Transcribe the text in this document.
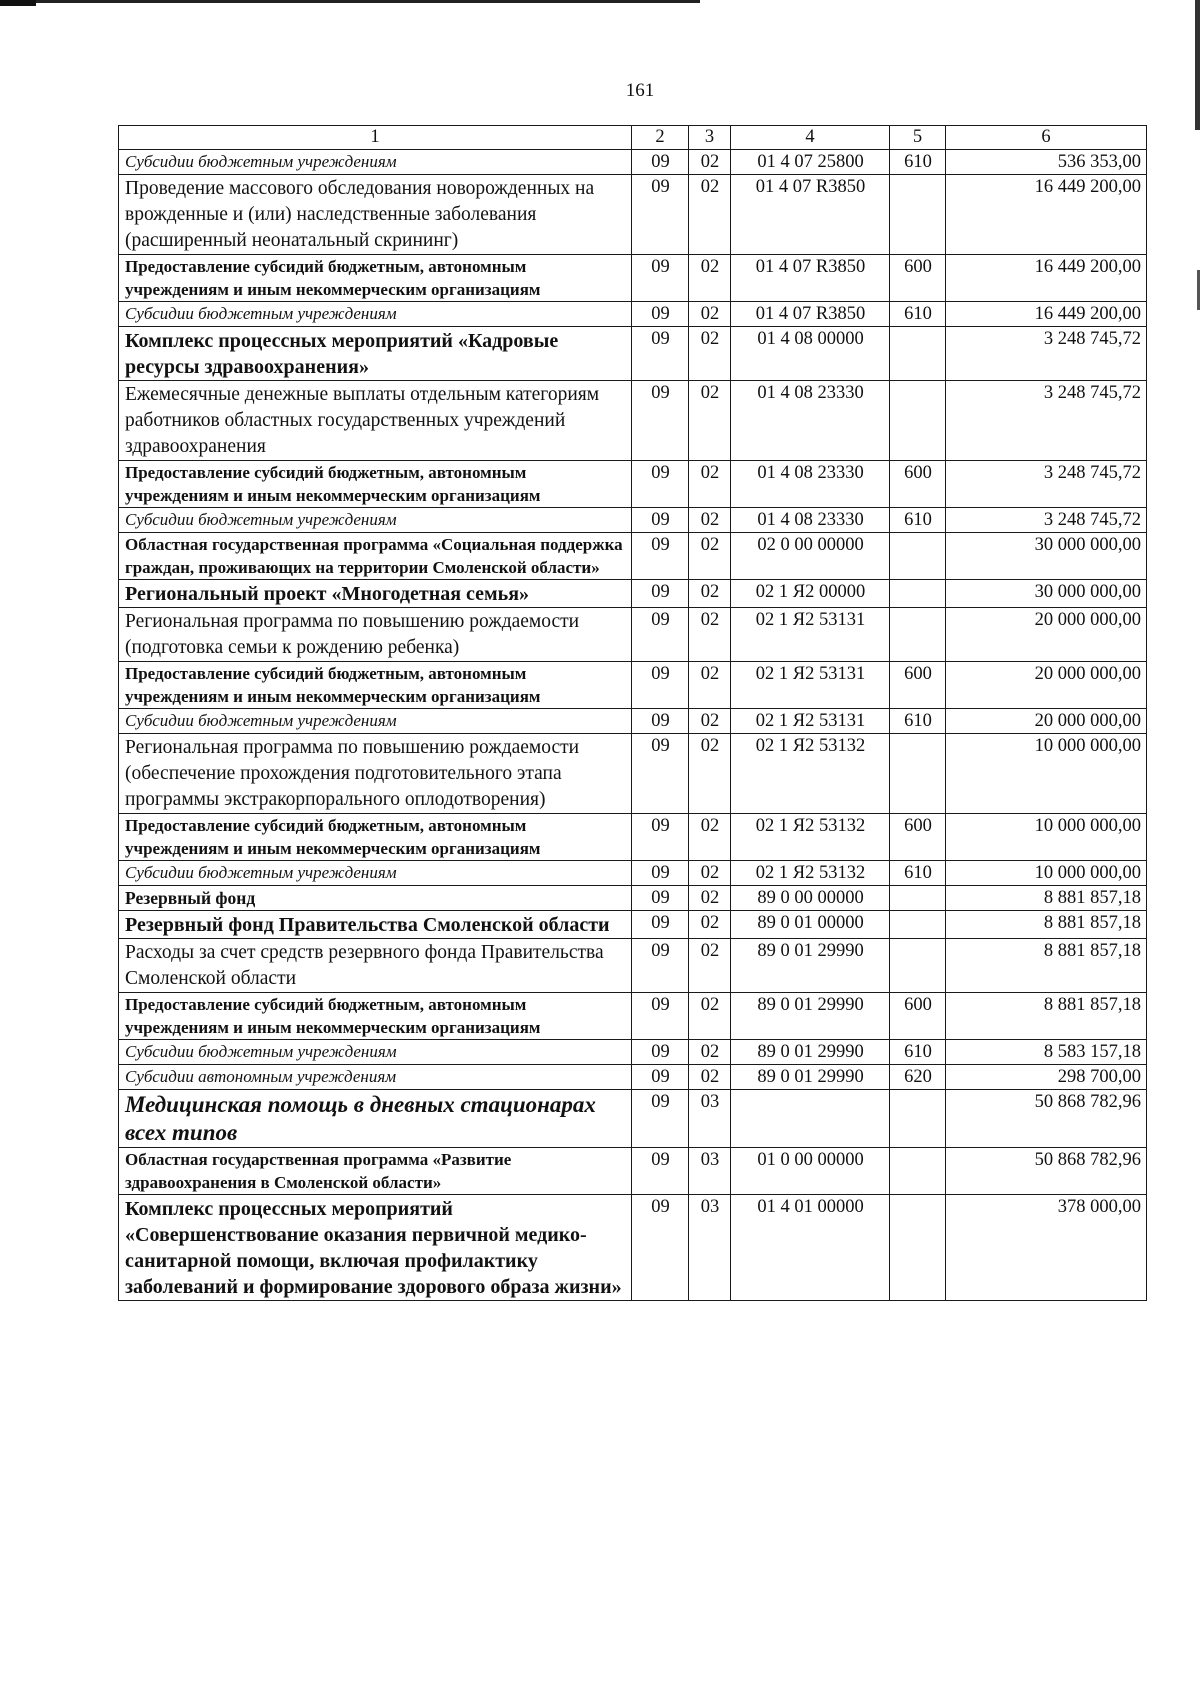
161
1	2	3	4	5	6
Субсидии бюджетным учреждениям	09	02	01 4 07 25800	610	536 353,00
Проведение массового обследования новорожденных на врожденные и (или) наследственные заболевания (расширенный неонатальный скрининг)	09	02	01 4 07 R3850		16 449 200,00
Предоставление субсидий бюджетным, автономным учреждениям и иным некоммерческим организациям	09	02	01 4 07 R3850	600	16 449 200,00
Субсидии бюджетным учреждениям	09	02	01 4 07 R3850	610	16 449 200,00
Комплекс процессных мероприятий «Кадровые ресурсы здравоохранения»	09	02	01 4 08 00000		3 248 745,72
Ежемесячные денежные выплаты отдельным категориям работников областных государственных учреждений здравоохранения	09	02	01 4 08 23330		3 248 745,72
Предоставление субсидий бюджетным, автономным учреждениям и иным некоммерческим организациям	09	02	01 4 08 23330	600	3 248 745,72
Субсидии бюджетным учреждениям	09	02	01 4 08 23330	610	3 248 745,72
Областная государственная программа «Социальная поддержка граждан, проживающих на территории Смоленской области»	09	02	02 0 00 00000		30 000 000,00
Региональный проект «Многодетная семья»	09	02	02 1 Я2 00000		30 000 000,00
Региональная программа по повышению рождаемости (подготовка семьи к рождению ребенка)	09	02	02 1 Я2 53131		20 000 000,00
Предоставление субсидий бюджетным, автономным учреждениям и иным некоммерческим организациям	09	02	02 1 Я2 53131	600	20 000 000,00
Субсидии бюджетным учреждениям	09	02	02 1 Я2 53131	610	20 000 000,00
Региональная программа по повышению рождаемости (обеспечение прохождения подготовительного этапа программы экстракорпорального оплодотворения)	09	02	02 1 Я2 53132		10 000 000,00
Предоставление субсидий бюджетным, автономным учреждениям и иным некоммерческим организациям	09	02	02 1 Я2 53132	600	10 000 000,00
Субсидии бюджетным учреждениям	09	02	02 1 Я2 53132	610	10 000 000,00
Резервный фонд	09	02	89 0 00 00000		8 881 857,18
Резервный фонд Правительства Смоленской области	09	02	89 0 01 00000		8 881 857,18
Расходы за счет средств резервного фонда Правительства Смоленской области	09	02	89 0 01 29990		8 881 857,18
Предоставление субсидий бюджетным, автономным учреждениям и иным некоммерческим организациям	09	02	89 0 01 29990	600	8 881 857,18
Субсидии бюджетным учреждениям	09	02	89 0 01 29990	610	8 583 157,18
Субсидии автономным учреждениям	09	02	89 0 01 29990	620	298 700,00
Медицинская помощь в дневных стационарах всех типов	09	03			50 868 782,96
Областная государственная программа «Развитие здравоохранения в Смоленской области»	09	03	01 0 00 00000		50 868 782,96
Комплекс процессных мероприятий «Совершенствование оказания первичной медико-санитарной помощи, включая профилактику заболеваний и формирование здорового образа жизни»	09	03	01 4 01 00000		378 000,00
